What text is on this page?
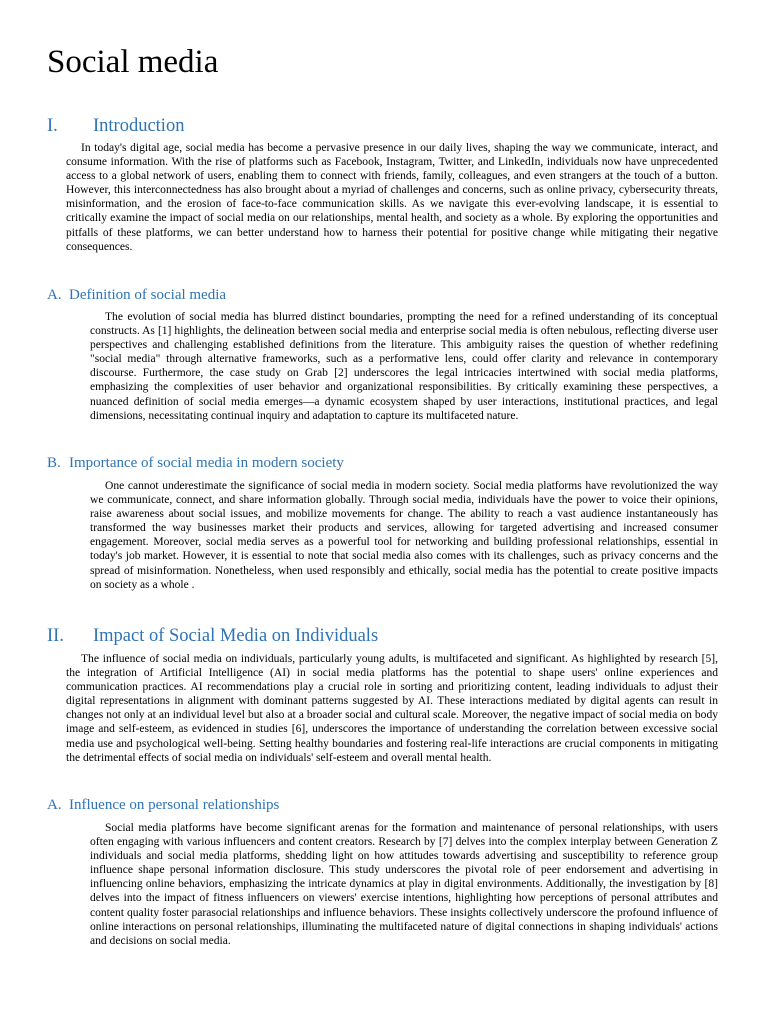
Social media
I. Introduction

In today's digital age, social media has become a pervasive presence in our daily lives, shaping the way we communicate, interact, and consume information. With the rise of platforms such as Facebook, Instagram, Twitter, and LinkedIn, individuals now have unprecedented access to a global network of users, enabling them to connect with friends, family, colleagues, and even strangers at the touch of a button. However, this interconnectedness has also brought about a myriad of challenges and concerns, such as online privacy, cybersecurity threats, misinformation, and the erosion of face-to-face communication skills. As we navigate this ever-evolving landscape, it is essential to critically examine the impact of social media on our relationships, mental health, and society as a whole. By exploring the opportunities and pitfalls of these platforms, we can better understand how to harness their potential for positive change while mitigating their negative consequences.

A. Definition of social media

The evolution of social media has blurred distinct boundaries, prompting the need for a refined understanding of its conceptual constructs. As [1] highlights, the delineation between social media and enterprise social media is often nebulous, reflecting diverse user perspectives and challenging established definitions from the literature. This ambiguity raises the question of whether redefining "social media" through alternative frameworks, such as a performative lens, could offer clarity and relevance in contemporary discourse. Furthermore, the case study on Grab [2] underscores the legal intricacies intertwined with social media platforms, emphasizing the complexities of user behavior and organizational responsibilities. By critically examining these perspectives, a nuanced definition of social media emerges—a dynamic ecosystem shaped by user interactions, institutional practices, and legal dimensions, necessitating continual inquiry and adaptation to capture its multifaceted nature.

B. Importance of social media in modern society

One cannot underestimate the significance of social media in modern society. Social media platforms have revolutionized the way we communicate, connect, and share information globally. Through social media, individuals have the power to voice their opinions, raise awareness about social issues, and mobilize movements for change. The ability to reach a vast audience instantaneously has transformed the way businesses market their products and services, allowing for targeted advertising and increased consumer engagement. Moreover, social media serves as a powerful tool for networking and building professional relationships, essential in today's job market. However, it is essential to note that social media also comes with its challenges, such as privacy concerns and the spread of misinformation. Nonetheless, when used responsibly and ethically, social media has the potential to create positive impacts on society as a whole .

II. Impact of Social Media on Individuals

The influence of social media on individuals, particularly young adults, is multifaceted and significant. As highlighted by research [5], the integration of Artificial Intelligence (AI) in social media platforms has the potential to shape users' online experiences and communication practices. AI recommendations play a crucial role in sorting and prioritizing content, leading individuals to adjust their digital representations in alignment with dominant patterns suggested by AI. These interactions mediated by digital agents can result in changes not only at an individual level but also at a broader social and cultural scale. Moreover, the negative impact of social media on body image and self-esteem, as evidenced in studies [6], underscores the importance of understanding the correlation between excessive social media use and psychological well-being. Setting healthy boundaries and fostering real-life interactions are crucial components in mitigating the detrimental effects of social media on individuals' self-esteem and overall mental health.

A. Influence on personal relationships

Social media platforms have become significant arenas for the formation and maintenance of personal relationships, with users often engaging with various influencers and content creators. Research by [7] delves into the complex interplay between Generation Z individuals and social media platforms, shedding light on how attitudes towards advertising and susceptibility to reference group influence shape personal information disclosure. This study underscores the pivotal role of peer endorsement and advertising in influencing online behaviors, emphasizing the intricate dynamics at play in digital environments. Additionally, the investigation by [8] delves into the impact of fitness influencers on viewers' exercise intentions, highlighting how perceptions of personal attributes and content quality foster parasocial relationships and influence behaviors. These insights collectively underscore the profound influence of online interactions on personal relationships, illuminating the multifaceted nature of digital connections in shaping individuals' actions and decisions on social media.
